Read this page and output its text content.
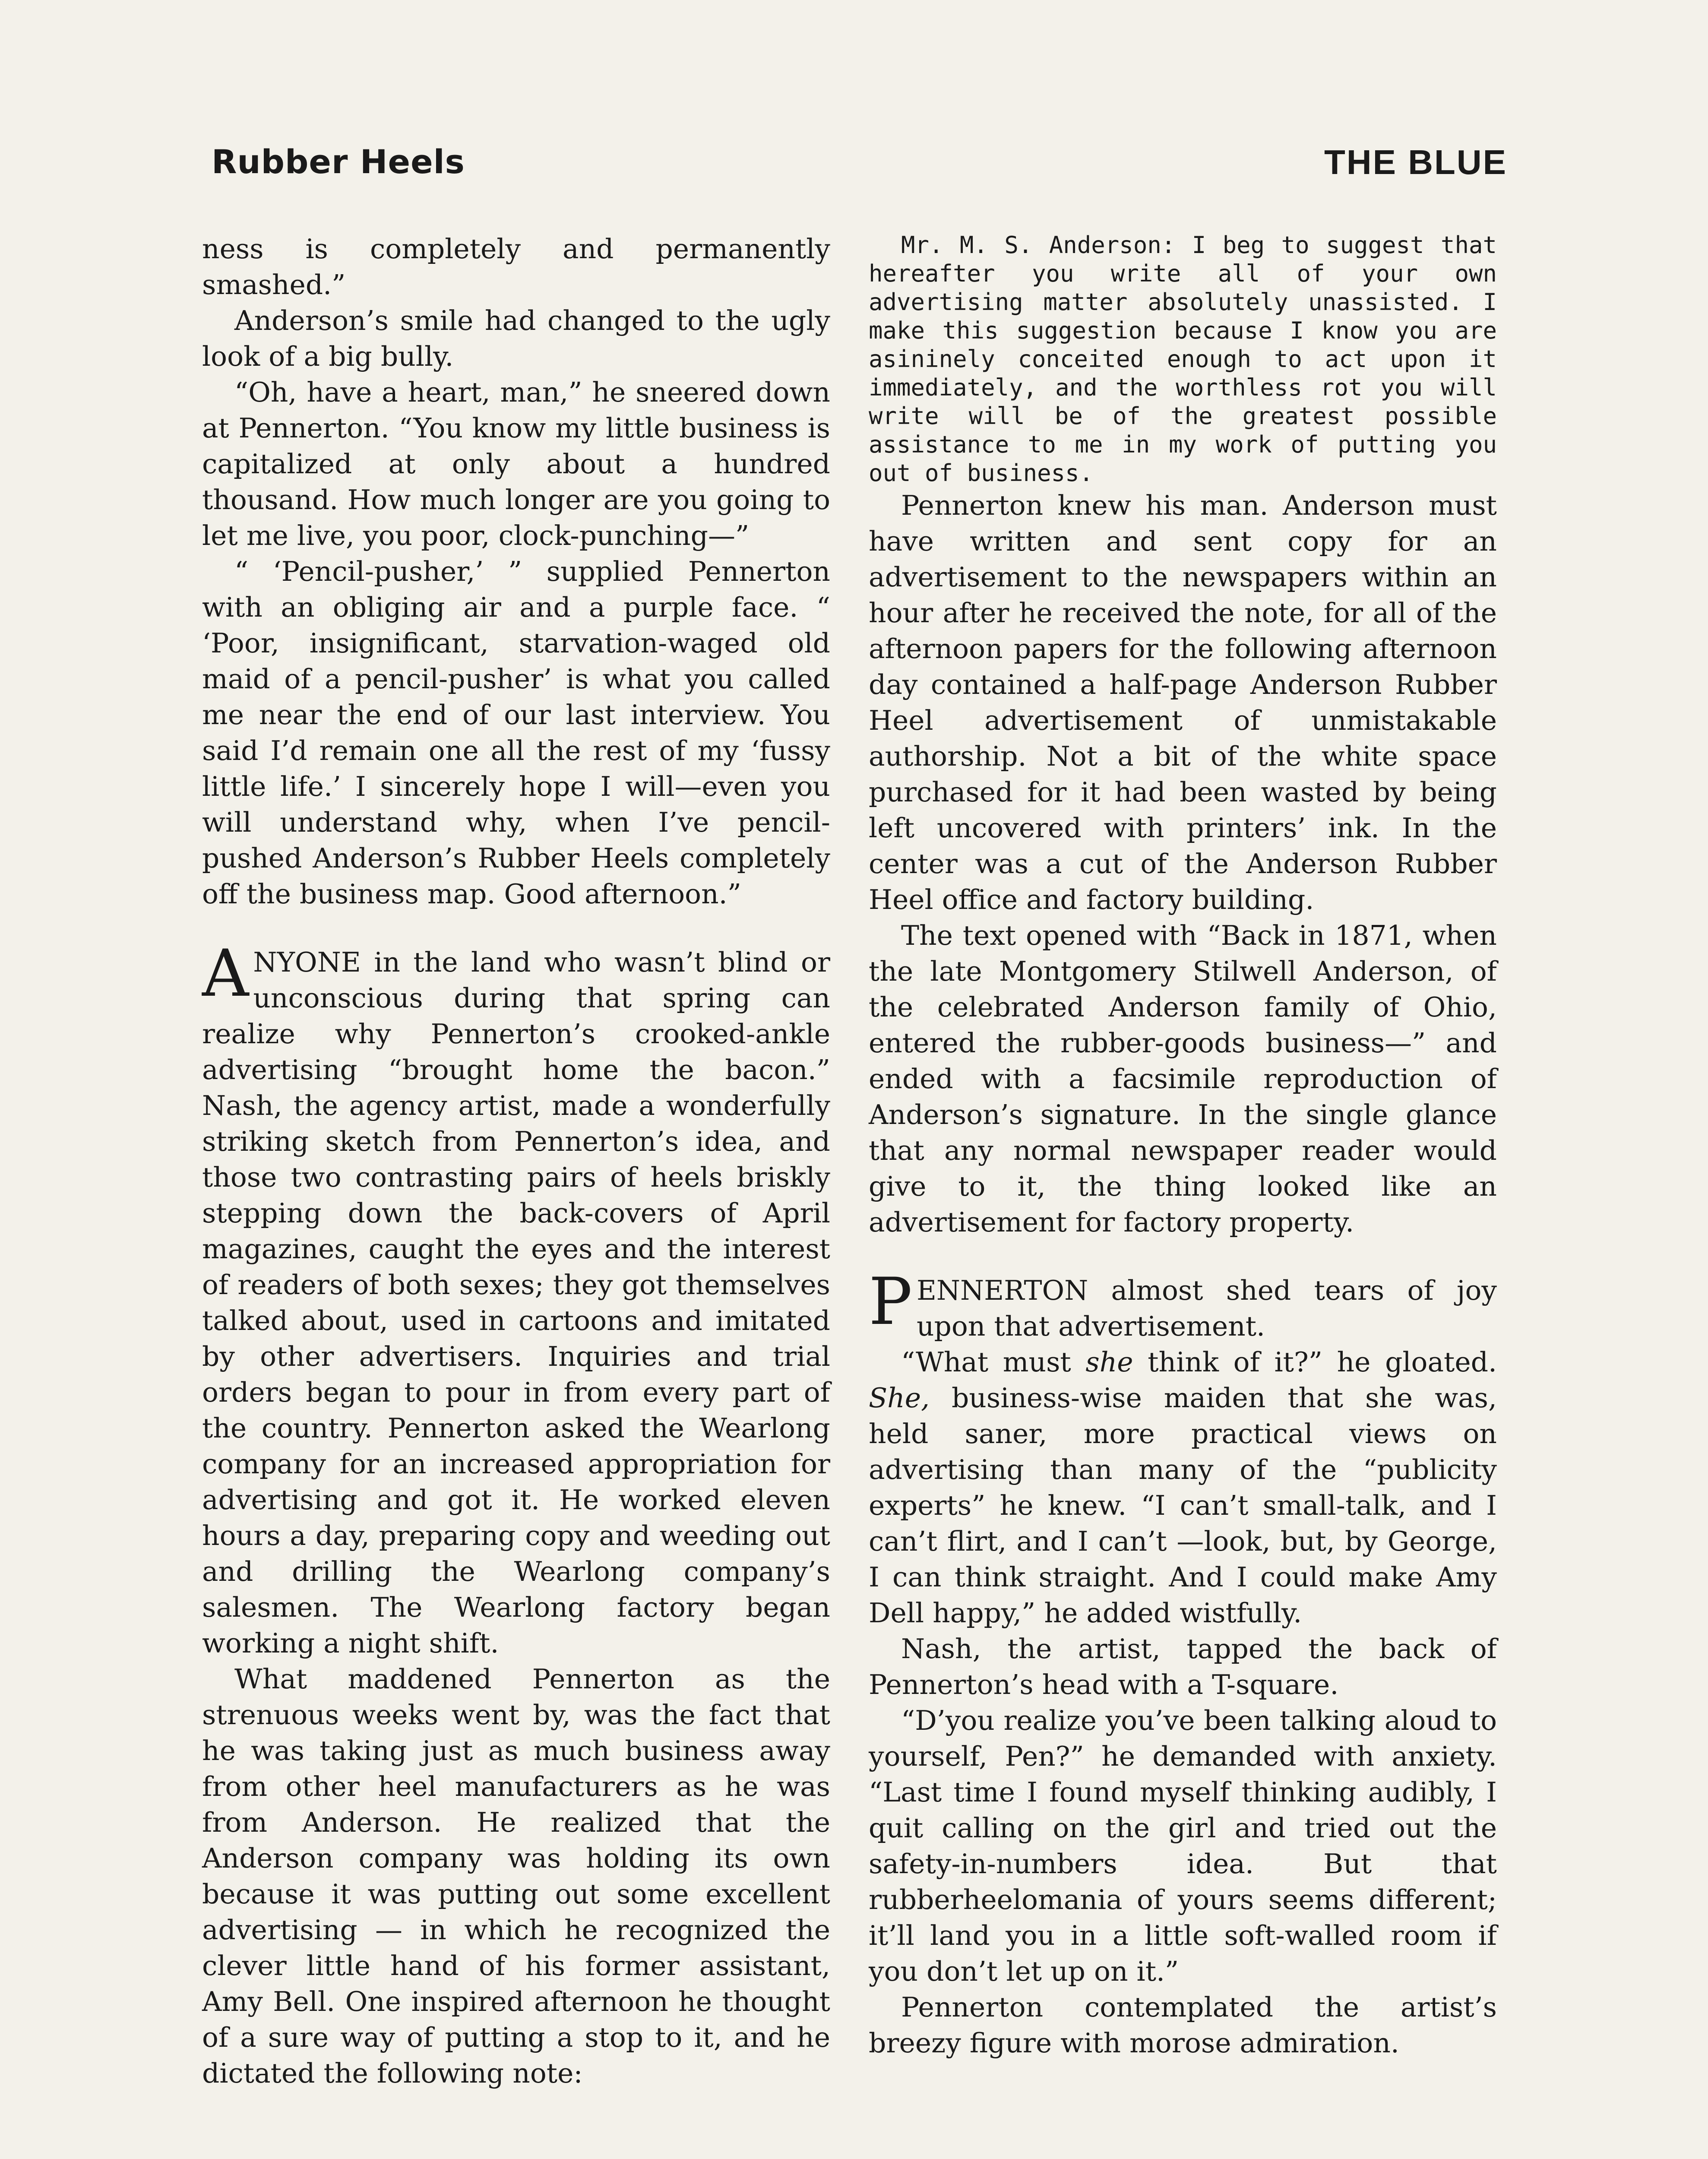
Rubber Heels	THE BLUE

ness is completely and permanently smashed.”

Anderson’s smile had changed to the ugly look of a big bully.

“Oh, have a heart, man,” he sneered down at Pennerton. “You know my little business is capitalized at only about a hundred thousand. How much longer are you going to let me live, you poor, clock-punching—”

“ ‘Pencil-pusher,’ ” supplied Pennerton with an obliging air and a purple face. “ ‘Poor, insignificant, starvation-waged old maid of a pencil-pusher’ is what you called me near the end of our last interview. You said I’d remain one all the rest of my ‘fussy little life.’ I sincerely hope I will—even you will understand why, when I’ve pencil-pushed Anderson’s Rubber Heels completely off the business map. Good afternoon.”

ANYONE in the land who wasn’t blind or unconscious during that spring can realize why Pennerton’s crooked-ankle advertising “brought home the bacon.” Nash, the agency artist, made a wonderfully striking sketch from Pennerton’s idea, and those two contrasting pairs of heels briskly stepping down the back-covers of April magazines, caught the eyes and the interest of readers of both sexes; they got themselves talked about, used in cartoons and imitated by other advertisers. Inquiries and trial orders began to pour in from every part of the country. Pennerton asked the Wearlong company for an increased appropriation for advertising and got it. He worked eleven hours a day, preparing copy and weeding out and drilling the Wearlong company’s salesmen. The Wearlong factory began working a night shift.

What maddened Pennerton as the strenuous weeks went by, was the fact that he was taking just as much business away from other heel manufacturers as he was from Anderson. He realized that the Anderson company was holding its own because it was putting out some excellent advertising — in which he recognized the clever little hand of his former assistant, Amy Bell. One inspired afternoon he thought of a sure way of putting a stop to it, and he dictated the following note:

Mr. M. S. Anderson: I beg to suggest that hereafter you write all of your own advertising matter absolutely unassisted. I make this suggestion because I know you are asininely conceited enough to act upon it immediately, and the worthless rot you will write will be of the greatest possible assistance to me in my work of putting you out of business.

Pennerton knew his man. Anderson must have written and sent copy for an advertisement to the newspapers within an hour after he received the note, for all of the afternoon papers for the following afternoon day contained a half-page Anderson Rubber Heel advertisement of unmistakable authorship. Not a bit of the white space purchased for it had been wasted by being left uncovered with printers’ ink. In the center was a cut of the Anderson Rubber Heel office and factory building.

The text opened with “Back in 1871, when the late Montgomery Stilwell Anderson, of the celebrated Anderson family of Ohio, entered the rubber-goods business—” and ended with a facsimile reproduction of Anderson’s signature. In the single glance that any normal newspaper reader would give to it, the thing looked like an advertisement for factory property.

PENNERTON almost shed tears of joy upon that advertisement.

“What must she think of it?” he gloated. She, business-wise maiden that she was, held saner, more practical views on advertising than many of the “publicity experts” he knew. “I can’t small-talk, and I can’t flirt, and I can’t —look, but, by George, I can think straight. And I could make Amy Dell happy,” he added wistfully.

Nash, the artist, tapped the back of Pennerton’s head with a T-square.

“D’you realize you’ve been talking aloud to yourself, Pen?” he demanded with anxiety. “Last time I found myself thinking audibly, I quit calling on the girl and tried out the safety-in-numbers idea. But that rubberheelomania of yours seems different; it’ll land you in a little soft-walled room if you don’t let up on it.”

Pennerton contemplated the artist’s breezy figure with morose admiration.
